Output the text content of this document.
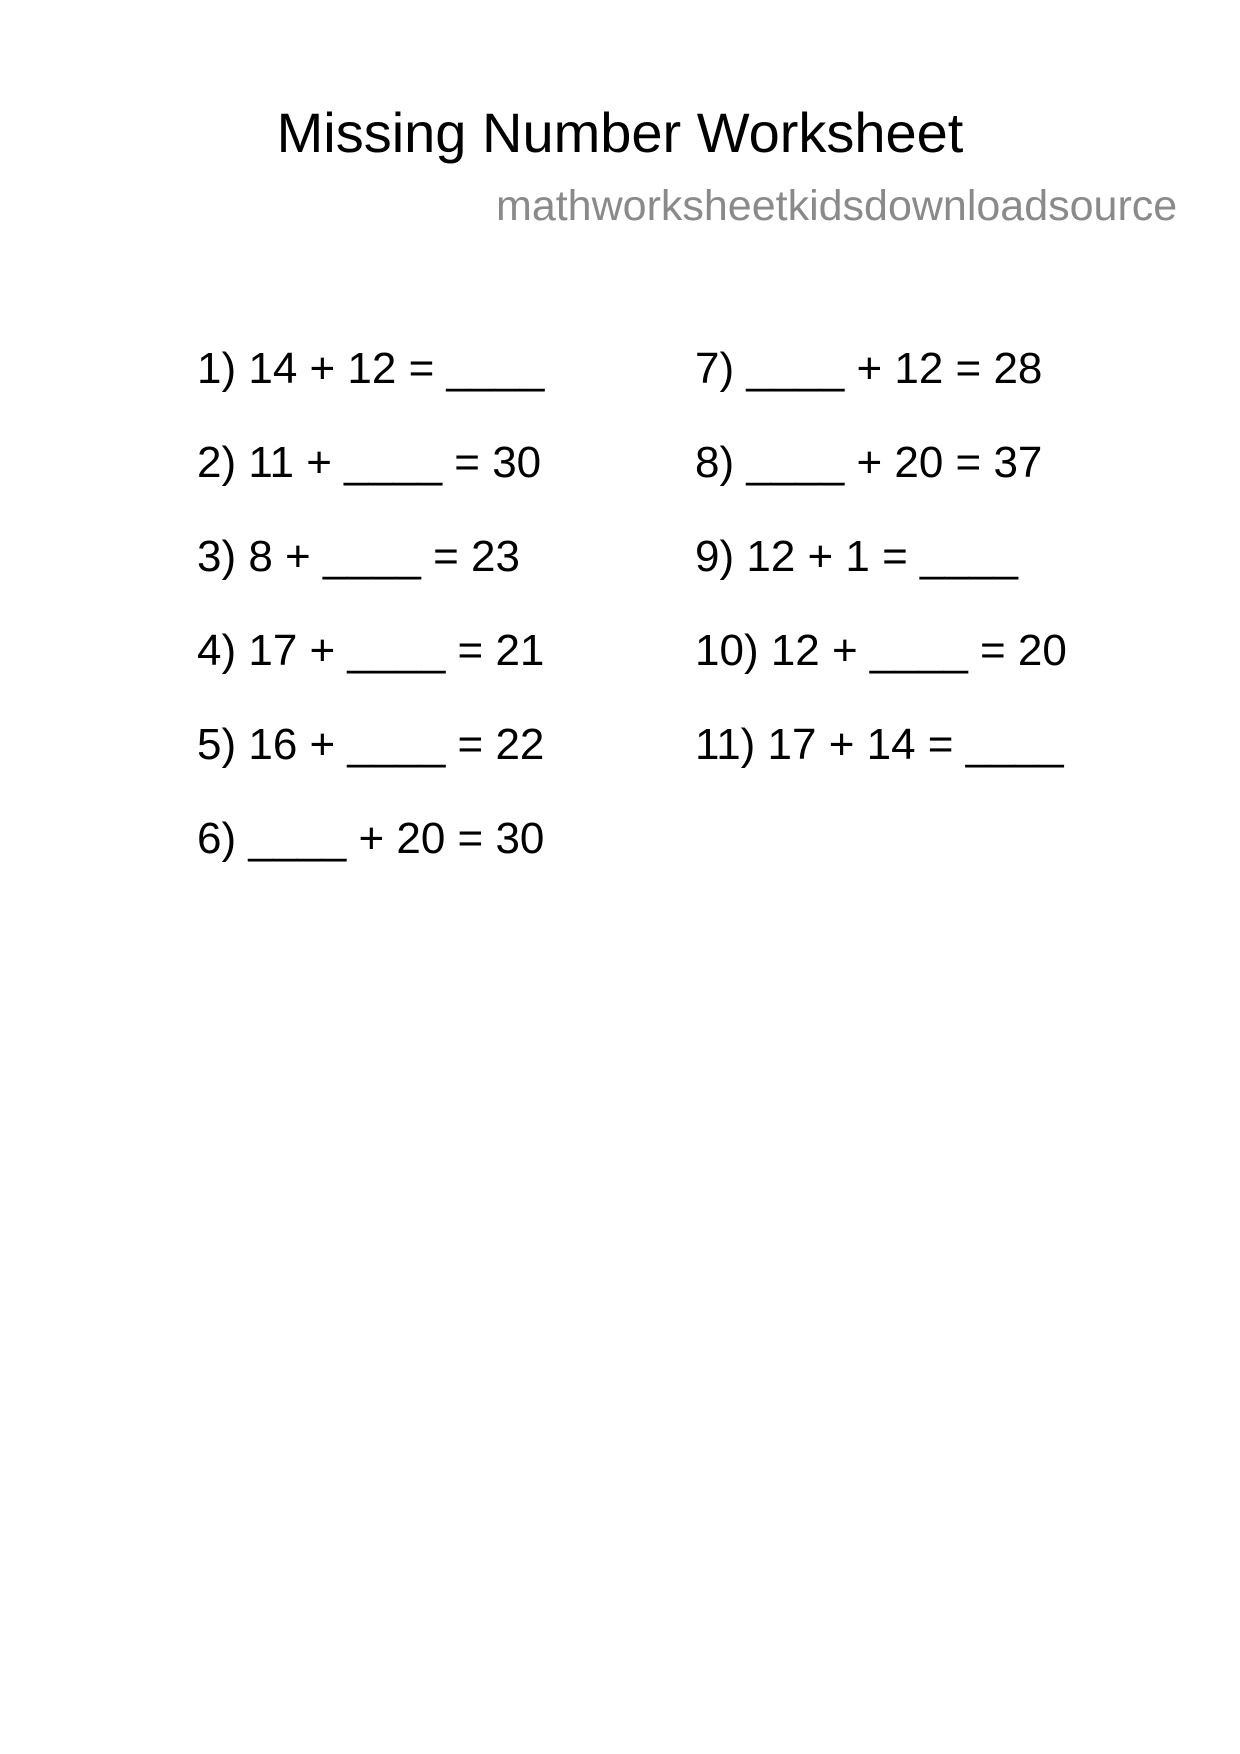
Missing Number Worksheet
mathworksheetkidsdownloadsource
1) 14 + 12 = ____
2) 11 + ____ = 30
3) 8 + ____ = 23
4) 17 + ____ = 21
5) 16 + ____ = 22
6) ____ + 20 = 30
7) ____ + 12 = 28
8) ____ + 20 = 37
9) 12 + 1 = ____
10) 12 + ____ = 20
11) 17 + 14 = ____
